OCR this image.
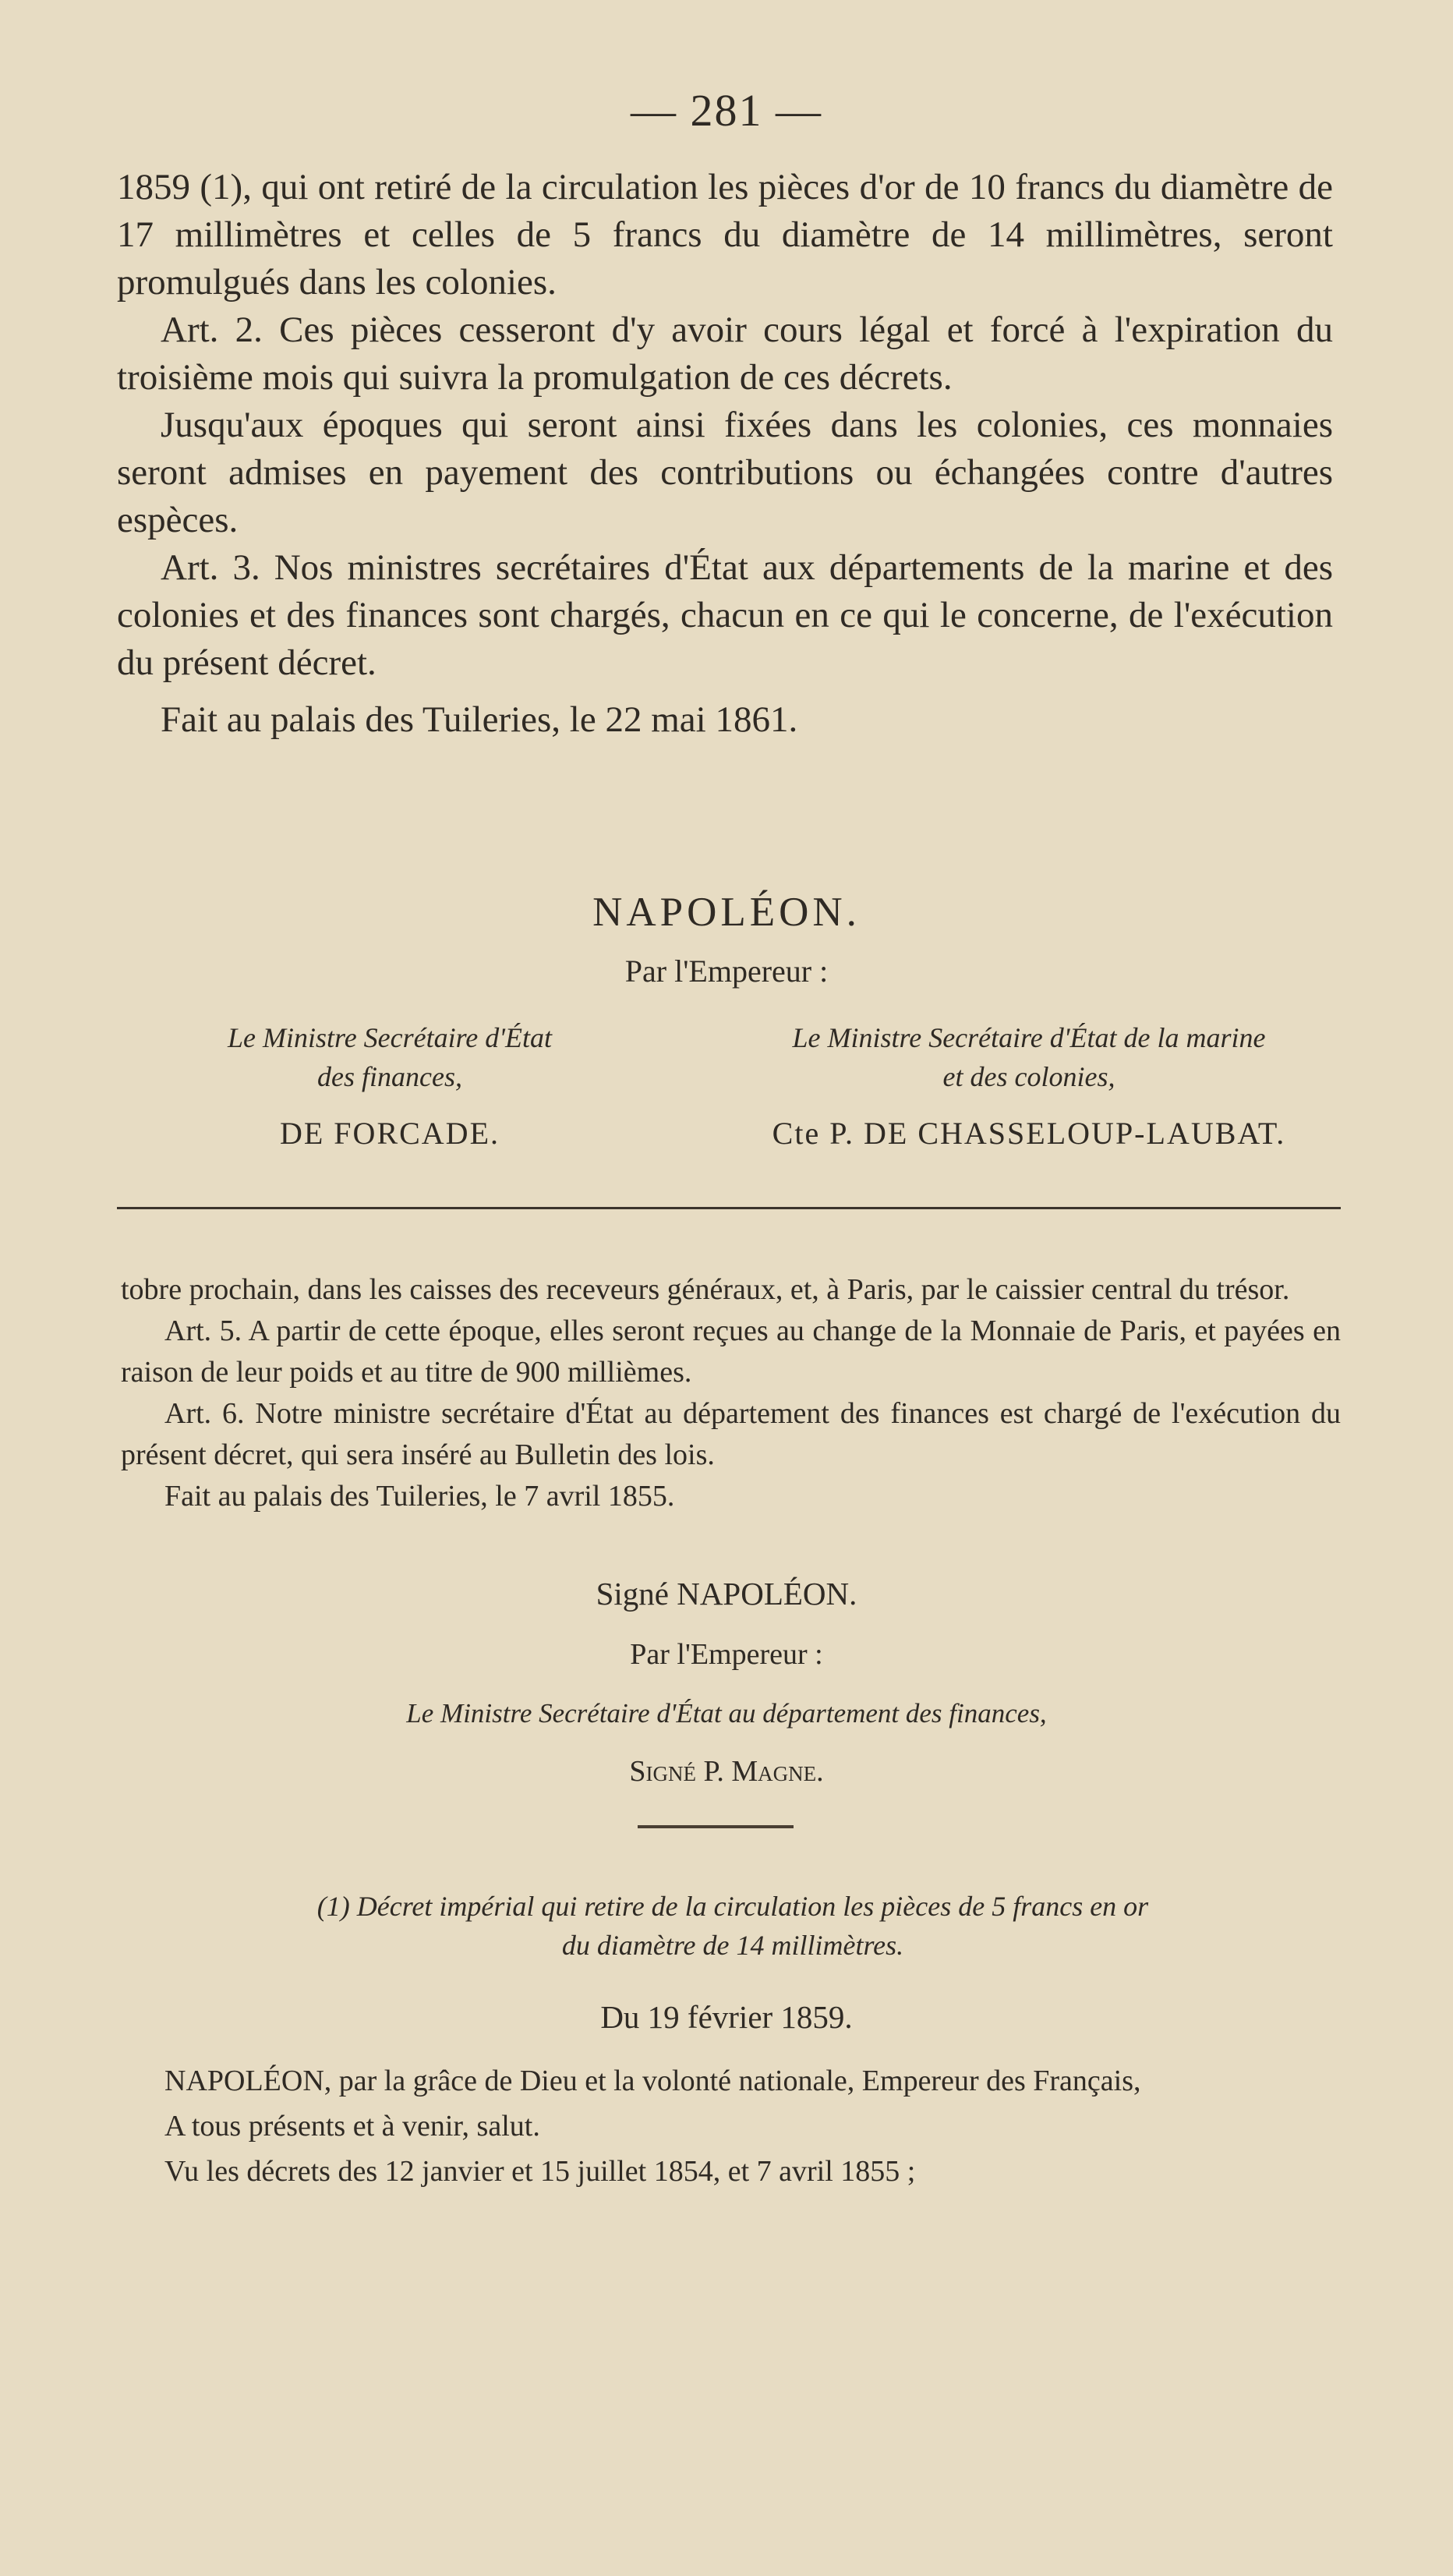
— 281 —

1859 (1), qui ont retiré de la circulation les pièces d'or de 10 francs du diamètre de 17 millimètres et celles de 5 francs du diamètre de 14 millimètres, seront promulgués dans les colonies.

Art. 2. Ces pièces cesseront d'y avoir cours légal et forcé à l'expiration du troisième mois qui suivra la promulgation de ces décrets.

Jusqu'aux époques qui seront ainsi fixées dans les colonies, ces monnaies seront admises en payement des contributions ou échangées contre d'autres espèces.

Art. 3. Nos ministres secrétaires d'État aux départements de la marine et des colonies et des finances sont chargés, chacun en ce qui le concerne, de l'exécution du présent décret.

Fait au palais des Tuileries, le 22 mai 1861.

NAPOLÉON.
Par l'Empereur :
Le Ministre Secrétaire d'État
des finances,
Le Ministre Secrétaire d'État de la marine
et des colonies,
DE FORCADE.	Cte P. DE CHASSELOUP-LAUBAT.

tobre prochain, dans les caisses des receveurs généraux, et, à Paris, par le caissier central du trésor.

Art. 5. A partir de cette époque, elles seront reçues au change de la Monnaie de Paris, et payées en raison de leur poids et au titre de 900 millièmes.

Art. 6. Notre ministre secrétaire d'État au département des finances est chargé de l'exécution du présent décret, qui sera inséré au Bulletin des lois.

Fait au palais des Tuileries, le 7 avril 1855.

Signé NAPOLÉON.
Par l'Empereur :
Le Ministre Secrétaire d'État au département des finances,
Signé P. Magne.
(1) Décret impérial qui retire de la circulation les pièces de 5 francs en or
du diamètre de 14 millimètres.
Du 19 février 1859.

NAPOLÉON, par la grâce de Dieu et la volonté nationale, Empereur des Français,

A tous présents et à venir, salut.

Vu les décrets des 12 janvier et 15 juillet 1854, et 7 avril 1855 ;
